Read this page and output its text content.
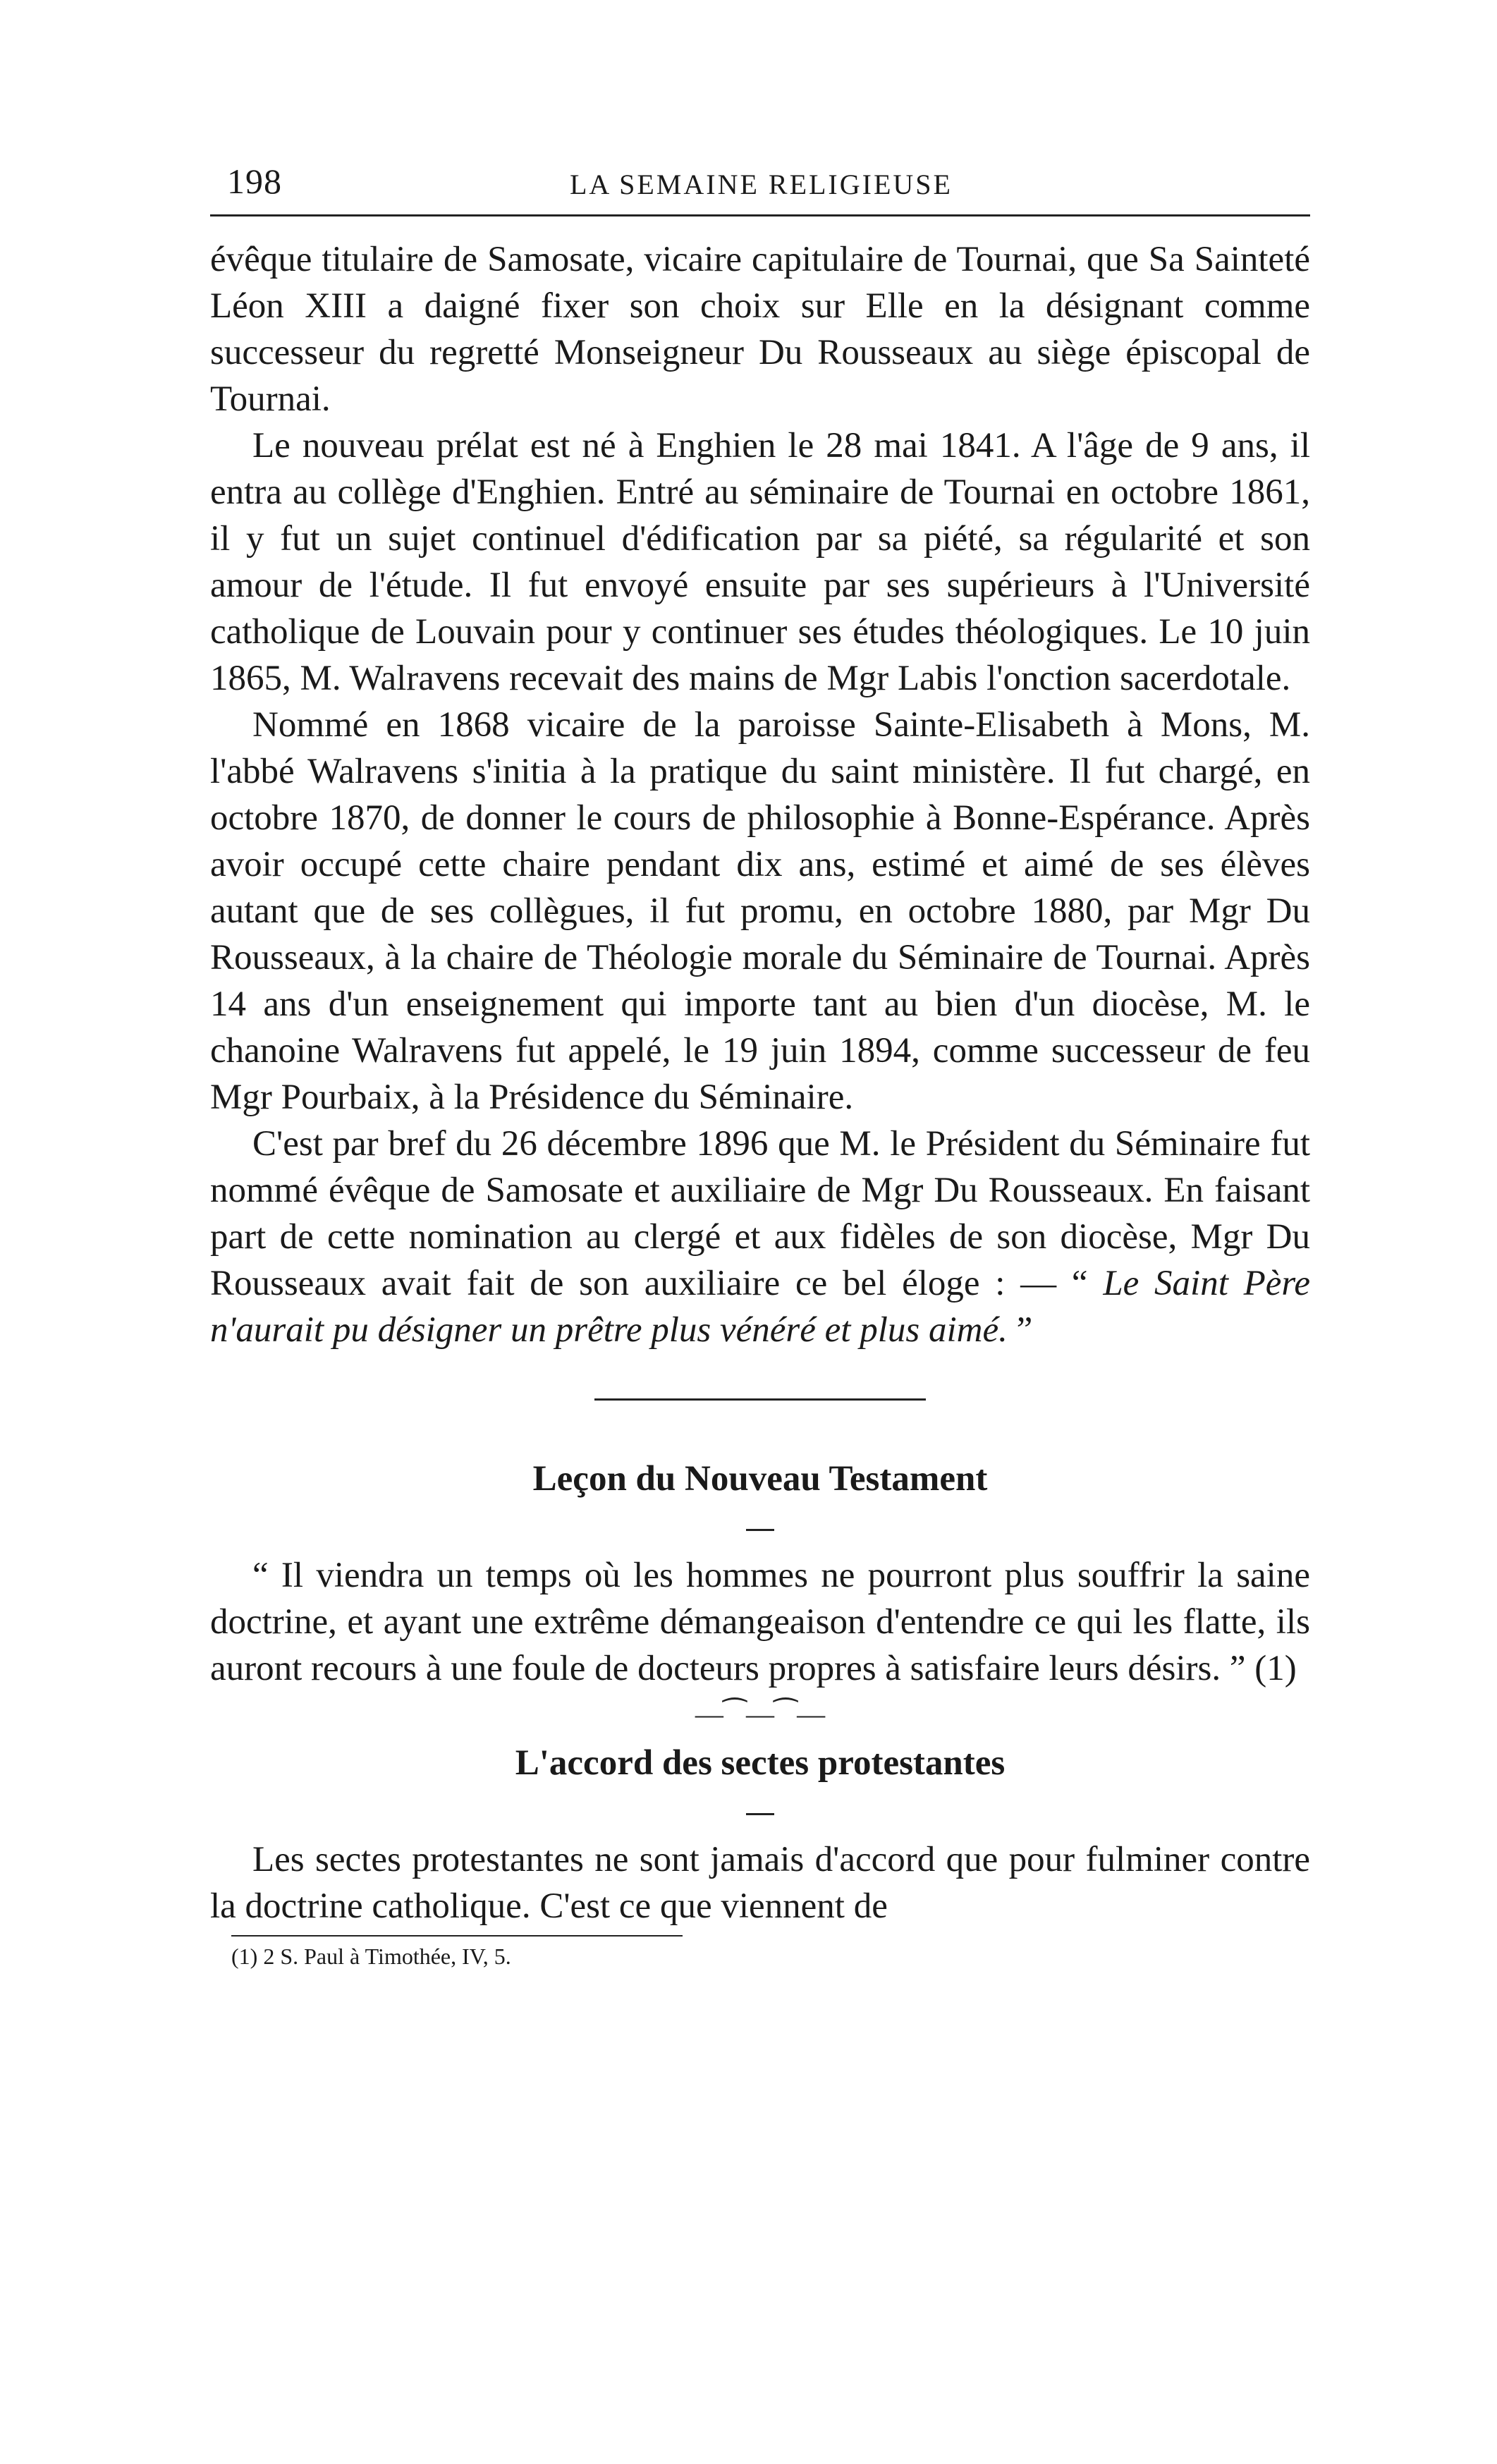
198	LA SEMAINE RELIGIEUSE

évêque titulaire de Samosate, vicaire capitulaire de Tournai, que Sa Sainteté Léon XIII a daigné fixer son choix sur Elle en la désignant comme successeur du regretté Monseigneur Du Rousseaux au siège épiscopal de Tournai.

Le nouveau prélat est né à Enghien le 28 mai 1841. A l'âge de 9 ans, il entra au collège d'Enghien. Entré au séminaire de Tournai en octobre 1861, il y fut un sujet continuel d'édification par sa piété, sa régularité et son amour de l'étude. Il fut envoyé ensuite par ses supérieurs à l'Université catholique de Louvain pour y continuer ses études théologiques. Le 10 juin 1865, M. Walravens recevait des mains de Mgr Labis l'onction sacerdotale.

Nommé en 1868 vicaire de la paroisse Sainte-Elisabeth à Mons, M. l'abbé Walravens s'initia à la pratique du saint ministère. Il fut chargé, en octobre 1870, de donner le cours de philosophie à Bonne-Espérance. Après avoir occupé cette chaire pendant dix ans, estimé et aimé de ses élèves autant que de ses collègues, il fut promu, en octobre 1880, par Mgr Du Rousseaux, à la chaire de Théologie morale du Séminaire de Tournai. Après 14 ans d'un enseignement qui importe tant au bien d'un diocèse, M. le chanoine Walravens fut appelé, le 19 juin 1894, comme successeur de feu Mgr Pourbaix, à la Présidence du Séminaire.

C'est par bref du 26 décembre 1896 que M. le Président du Séminaire fut nommé évêque de Samosate et auxiliaire de Mgr Du Rousseaux. En faisant part de cette nomination au clergé et aux fidèles de son diocèse, Mgr Du Rousseaux avait fait de son auxiliaire ce bel éloge : — “ Le Saint Père n'aurait pu désigner un prêtre plus vénéré et plus aimé. ”

Leçon du Nouveau Testament

“ Il viendra un temps où les hommes ne pourront plus souffrir la saine doctrine, et ayant une extrême démangeaison d'entendre ce qui les flatte, ils auront recours à une foule de docteurs propres à satisfaire leurs désirs. ” (1)

—⁀—⁀—
L'accord des sectes protestantes

Les sectes protestantes ne sont jamais d'accord que pour fulminer contre la doctrine catholique. C'est ce que viennent de

(1) 2 S. Paul à Timothée, IV, 5.
